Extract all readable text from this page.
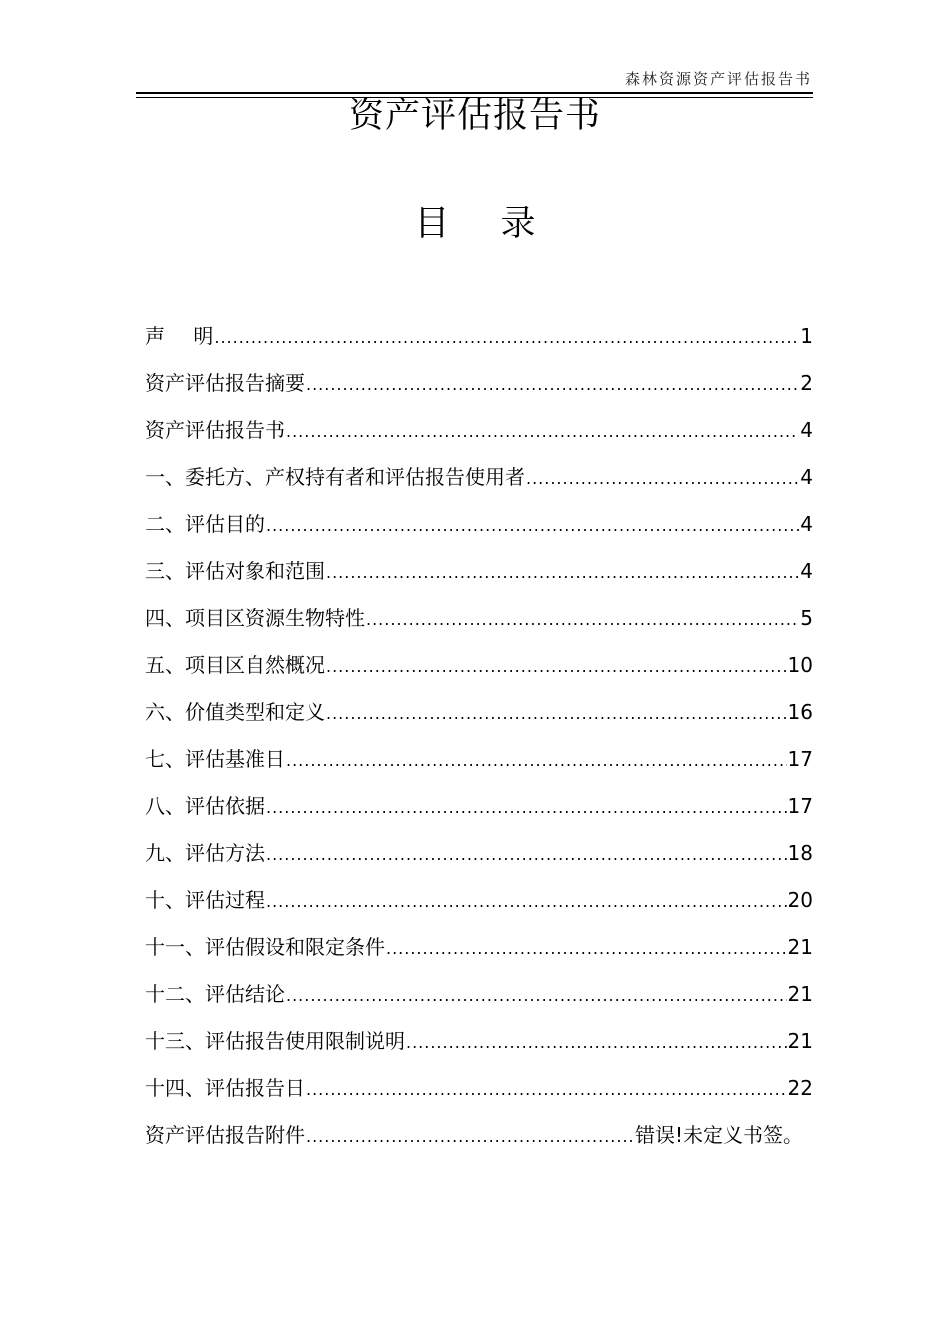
森林资源资产评估报告书
资产评估报告书
目 录
声 明 .....	1
资产评估报告摘要 .....	2
资产评估报告书 .....	4
一、委托方、产权持有者和评估报告使用者 .....	4
二、评估目的 .....	4
三、评估对象和范围 .....	4
四、项目区资源生物特性 .....	5
五、项目区自然概况 .....	10
六、价值类型和定义 .....	16
七、评估基准日 .....	17
八、评估依据 .....	17
九、评估方法 .....	18
十、评估过程 .....	20
十一、评估假设和限定条件 .....	21
十二、评估结论 .....	21
十三、评估报告使用限制说明 .....	21
十四、评估报告日 .....	22
资产评估报告附件 .....	错误!未定义书签。
